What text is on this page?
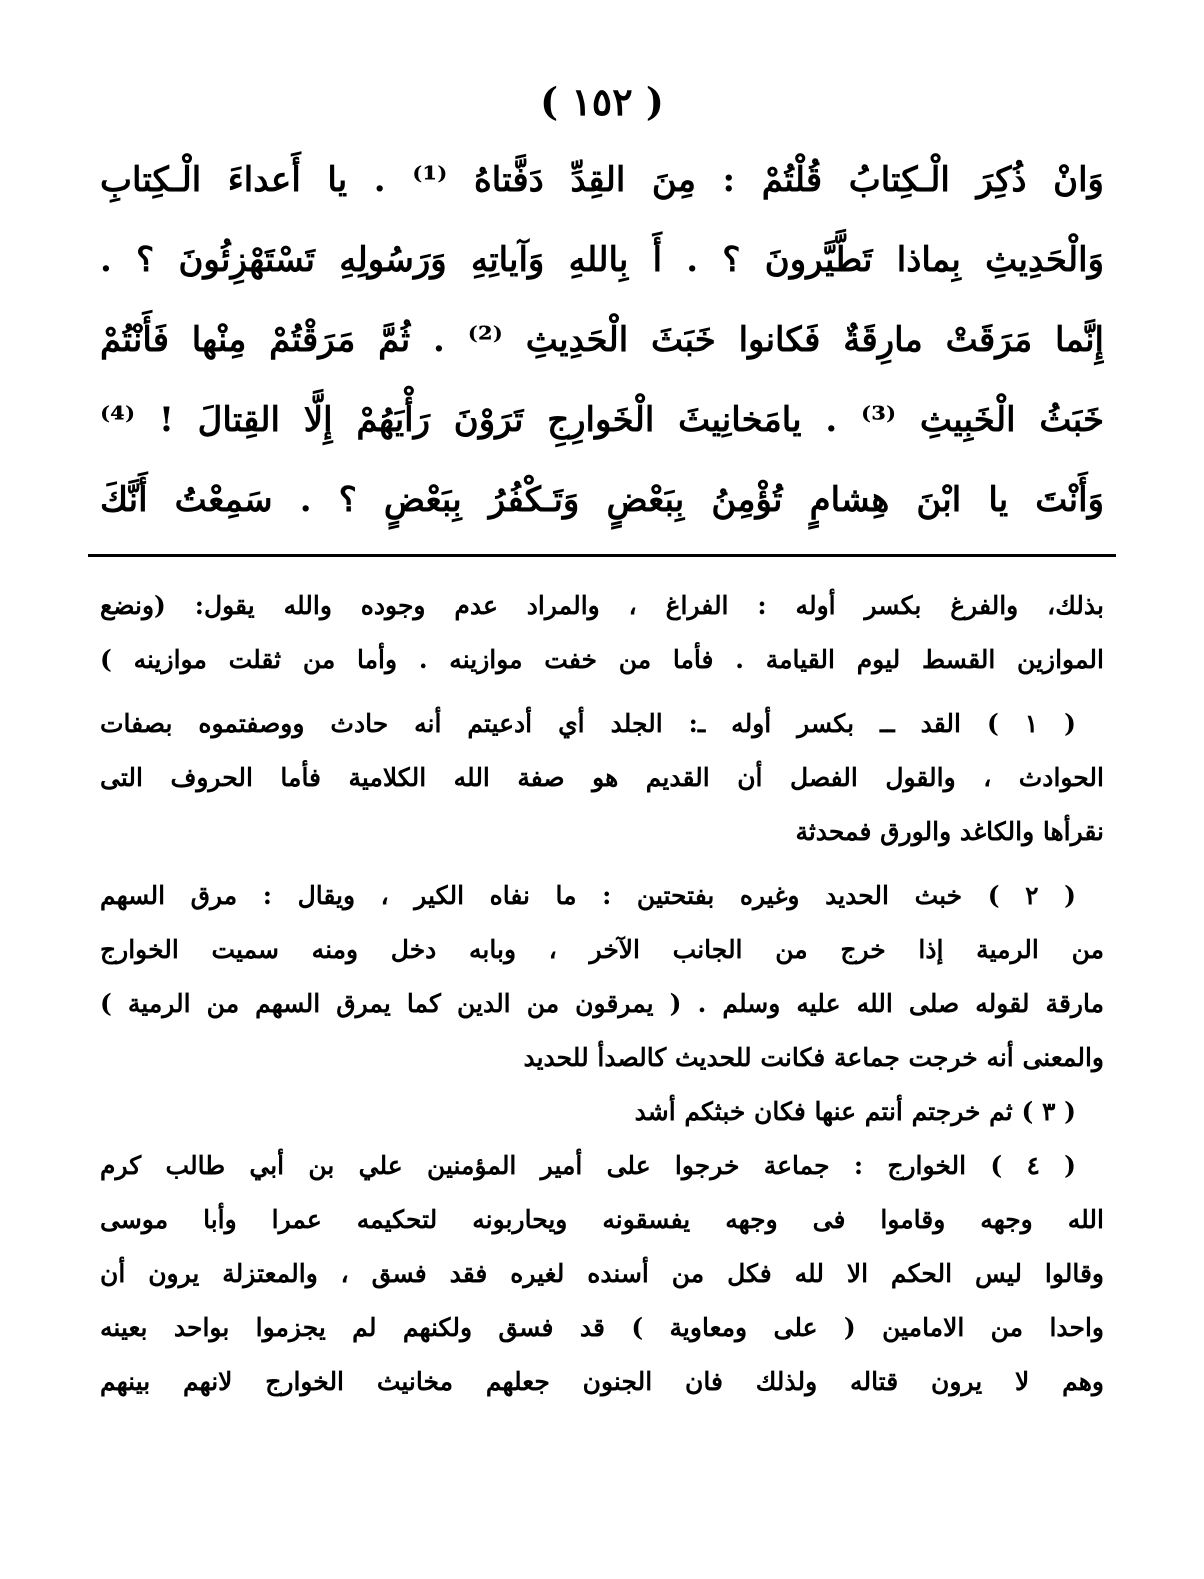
( ١٥٢ )
وَانْ ذُكِرَ الْـكِتابُ قُلْتُمْ : مِنَ القِدِّ دَفَّتاهُ ⁽¹⁾ . يا أَعداءَ الْـكِتابِ
وَالْحَدِيثِ بِماذا تَطَّيَّرونَ ؟ . أَ بِاللهِ وَآياتِهِ وَرَسُولِهِ تَسْتَهْزِئُونَ ؟ .
إِنَّما مَرَقَتْ مارِقَةٌ فَكانوا خَبَثَ الْحَدِيثِ ⁽²⁾ . ثُمَّ مَرَقْتُمْ مِنْها فَأَنْتُمْ
خَبَثُ الْخَبِيثِ ⁽³⁾ . يامَخانِيثَ الْخَوارِجِ تَرَوْنَ رَأْيَهُمْ إِلَّا القِتالَ ! ⁽⁴⁾
وَأَنْتَ يا ابْنَ هِشامٍ تُؤْمِنُ بِبَعْضٍ وَتَـكْفُرُ بِبَعْضٍ ؟ . سَمِعْتُ أَنَّكَ
بذلك، والفرغ بكسر أوله : الفراغ ، والمراد عدم وجوده والله يقول: (ونضع
الموازين القسط ليوم القيامة . فأما من خفت موازينه . وأما من ثقلت موازينه )
( ١ ) القد ــ بكسر أوله ـ: الجلد أي أدعيتم أنه حادث ووصفتموه بصفات
الحوادث ، والقول الفصل أن القديم هو صفة الله الكلامية فأما الحروف التى
نقرأها والكاغد والورق فمحدثة
( ٢ ) خبث الحديد وغيره بفتحتين : ما نفاه الكير ، ويقال : مرق السهم
من الرمية إذا خرج من الجانب الآخر ، وبابه دخل ومنه سميت الخوارج
مارقة لقوله صلى الله عليه وسلم . ( يمرقون من الدين كما يمرق السهم من الرمية )
والمعنى أنه خرجت جماعة فكانت للحديث كالصدأ للحديد
( ٣ ) ثم خرجتم أنتم عنها فكان خبثكم أشد
( ٤ ) الخوارج : جماعة خرجوا على أمير المؤمنين علي بن أبي طالب كرم
الله وجهه وقاموا فى وجهه يفسقونه ويحاربونه لتحكيمه عمرا وأبا موسى
وقالوا ليس الحكم الا لله فكل من أسنده لغيره فقد فسق ، والمعتزلة يرون أن
واحدا من الامامين ( على ومعاوية ) قد فسق ولكنهم لم يجزموا بواحد بعينه
وهم لا يرون قتاله ولذلك فان الجنون جعلهم مخانيث الخوارج لانهم بينهم
